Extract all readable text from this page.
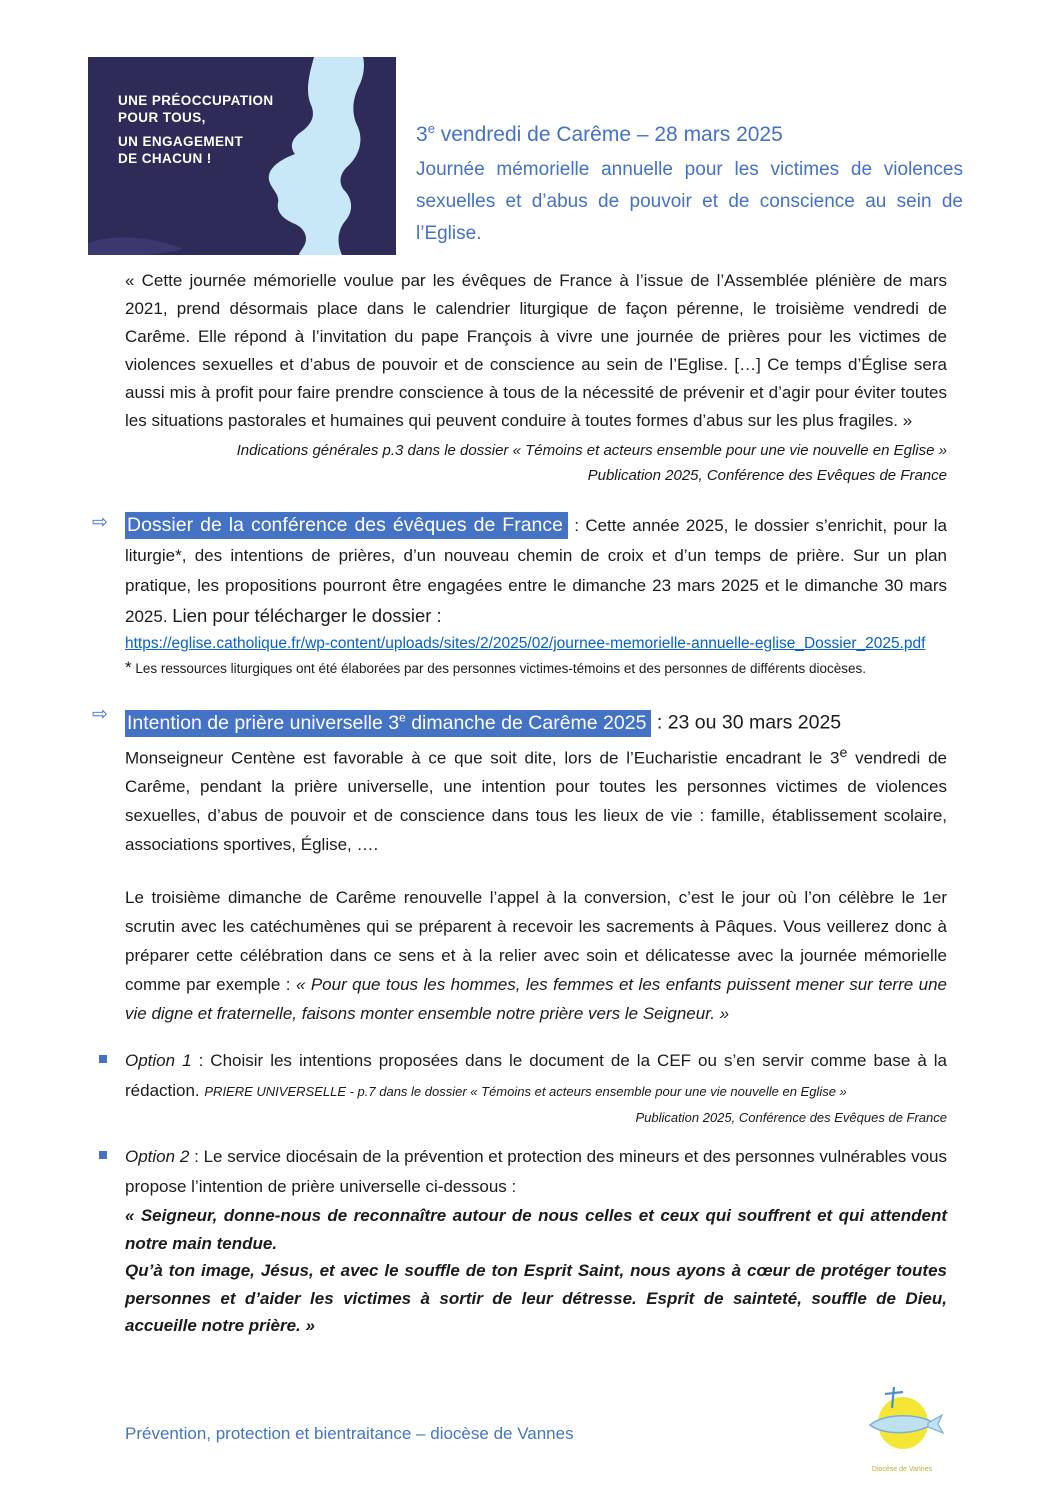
UNE PRÉOCCUPATION
POUR TOUS,
UN ENGAGEMENT
DE CHACUN !
3e vendredi de Carême – 28 mars 2025

Journée mémorielle annuelle pour les victimes de violences sexuelles et d’abus de pouvoir et de conscience au sein de l’Eglise.

« Cette journée mémorielle voulue par les évêques de France à l’issue de l’Assemblée plénière de mars 2021, prend désormais place dans le calendrier liturgique de façon pérenne, le troisième vendredi de Carême. Elle répond à l’invitation du pape François à vivre une journée de prières pour les victimes de violences sexuelles et d’abus de pouvoir et de conscience au sein de l’Eglise. […] Ce temps d’Église sera aussi mis à profit pour faire prendre conscience à tous de la nécessité de prévenir et d’agir pour éviter toutes les situations pastorales et humaines qui peuvent conduire à toutes formes d’abus sur les plus fragiles. »

Indications générales p.3 dans le dossier « Témoins et acteurs ensemble pour une vie nouvelle en Eglise »
Publication 2025, Conférence des Evêques de France
⇨ Dossier de la conférence des évêques de France : Cette année 2025, le dossier s’enrichit, pour la liturgie*, des intentions de prières, d’un nouveau chemin de croix et d’un temps de prière. Sur un plan pratique, les propositions pourront être engagées entre le dimanche 23 mars 2025 et le dimanche 30 mars 2025. Lien pour télécharger le dossier :

https://eglise.catholique.fr/wp-content/uploads/sites/2/2025/02/journee-memorielle-annuelle-eglise_Dossier_2025.pdf

* Les ressources liturgiques ont été élaborées par des personnes victimes-témoins et des personnes de différents diocèses.

⇨ Intention de prière universelle 3e dimanche de Carême 2025 : 23 ou 30 mars 2025

Monseigneur Centène est favorable à ce que soit dite, lors de l’Eucharistie encadrant le 3e vendredi de Carême, pendant la prière universelle, une intention pour toutes les personnes victimes de violences sexuelles, d’abus de pouvoir et de conscience dans tous les lieux de vie : famille, établissement scolaire, associations sportives, Église, ….

Le troisième dimanche de Carême renouvelle l’appel à la conversion, c’est le jour où l’on célèbre le 1er scrutin avec les catéchumènes qui se préparent à recevoir les sacrements à Pâques. Vous veillerez donc à préparer cette célébration dans ce sens et à la relier avec soin et délicatesse avec la journée mémorielle comme par exemple : « Pour que tous les hommes, les femmes et les enfants puissent mener sur terre une vie digne et fraternelle, faisons monter ensemble notre prière vers le Seigneur. »

Option 1 : Choisir les intentions proposées dans le document de la CEF ou s’en servir comme base à la rédaction. PRIERE UNIVERSELLE - p.7 dans le dossier « Témoins et acteurs ensemble pour une vie nouvelle en Eglise »

Publication 2025, Conférence des Evêques de France

Option 2 : Le service diocésain de la prévention et protection des mineurs et des personnes vulnérables vous propose l’intention de prière universelle ci-dessous :

« Seigneur, donne-nous de reconnaître autour de nous celles et ceux qui souffrent et qui attendent notre main tendue.

Qu’à ton image, Jésus, et avec le souffle de ton Esprit Saint, nous ayons à cœur de protéger toutes personnes et d’aider les victimes à sortir de leur détresse. Esprit de sainteté, souffle de Dieu, accueille notre prière. »

Prévention, protection et bientraitance – diocèse de Vannes
Diocèse de Vannes
